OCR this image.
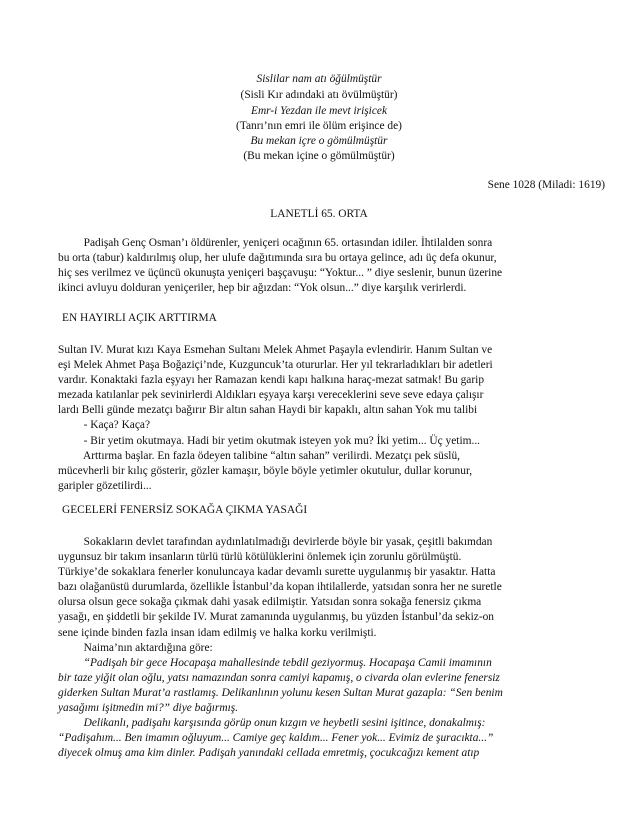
Sislilar nam atı öğülmüştür
(Sisli Kır adındaki atı övülmüştür)
Emr-i Yezdan ile mevt irişicek
(Tanrı’nın emri ile ölüm erişince de)
Bu mekan içre o gömülmüştür
(Bu mekan içine o gömülmüştür)
Sene 1028 (Miladi: 1619)
LANETLİ 65. ORTA
Padişah Genç Osman’ı öldürenler, yeniçeri ocağının 65. ortasından idiler. İhtilalden sonra
bu orta (tabur) kaldırılmış olup, her ulufe dağıtımında sıra bu ortaya gelince, adı üç defa okunur,
hiç ses verilmez ve üçüncü okunuşta yeniçeri başçavuşu: “Yoktur... ” diye seslenir, bunun üzerine
ikinci avluyu dolduran yeniçeriler, hep bir ağızdan: “Yok olsun...” diye karşılık verirlerdi.
EN HAYIRLI AÇIK ARTTIRMA
Sultan IV. Murat kızı Kaya Esmehan Sultanı Melek Ahmet Paşayla evlendirir. Hanım Sultan ve
eşi Melek Ahmet Paşa Boğaziçi’nde, Kuzguncuk’ta otururlar. Her yıl tekrarladıkları bir adetleri
vardır. Konaktaki fazla eşyayı her Ramazan kendi kapı halkına haraç-mezat satmak! Bu garip
mezada katılanlar pek sevinirlerdi Aldıkları eşyaya karşı vereceklerini seve seve edaya çalışır
lardı Belli günde mezatçı bağırır Bir altın sahan Haydi bir kapaklı, altın sahan Yok mu talibi
- Kaça? Kaça?
- Bir yetim okutmaya. Hadi bir yetim okutmak isteyen yok mu? İki yetim... Üç yetim...
Arttırma başlar. En fazla ödeyen talibine “altın sahan” verilirdi. Mezatçı pek süslü,
mücevherli bir kılıç gösterir, gözler kamaşır, böyle böyle yetimler okutulur, dullar korunur,
garipler gözetilirdi...
GECELERİ FENERSİZ SOKAĞA ÇIKMA YASAĞI
Sokakların devlet tarafından aydınlatılmadığı devirlerde böyle bir yasak, çeşitli bakımdan
uygunsuz bir takım insanların türlü türlü kötülüklerini önlemek için zorunlu görülmüştü.
Türkiye’de sokaklara fenerler konuluncaya kadar devamlı surette uygulanmış bir yasaktır. Hatta
bazı olağanüstü durumlarda, özellikle İstanbul’da kopan ihtilallerde, yatsıdan sonra her ne suretle
olursa olsun gece sokağa çıkmak dahi yasak edilmiştir. Yatsıdan sonra sokağa fenersiz çıkma
yasağı, en şiddetli bir şekilde IV. Murat zamanında uygulanmış, bu yüzden İstanbul’da sekiz-on
sene içinde binden fazla insan idam edilmiş ve halka korku verilmişti.
Naima’nın aktardığına göre:
“Padişah bir gece Hocapaşa mahallesinde tebdil geziyormuş. Hocapaşa Camii imamının
bir taze yiğit olan oğlu, yatsı namazından sonra camiyi kapamış, o civarda olan evlerine fenersiz
giderken Sultan Murat’a rastlamış. Delikanlının yolunu kesen Sultan Murat gazapla: “Sen benim
yasağımı işitmedin mi?” diye bağırmış.
Delikanlı, padişahı karşısında görüp onun kızgın ve heybetli sesini işitince, donakalmış:
“Padişahım... Ben imamın oğluyum... Camiye geç kaldım... Fener yok... Evimiz de şuracıkta...”
diyecek olmuş ama kim dinler. Padişah yanındaki cellada emretmiş, çocukcağızı kement atıp
